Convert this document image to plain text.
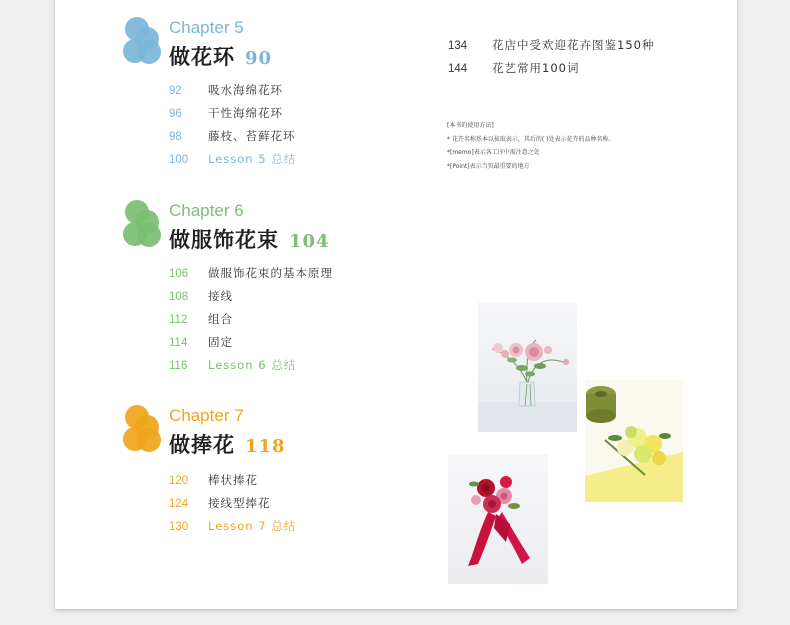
Chapter 5
做花环 90
92 吸水海绵花环
96 干性海绵花环
98 藤枝、苔藓花环
100 Lesson 5 总结
Chapter 6
做服饰花束 104
106 做服饰花束的基本原理
108 接线
112 组合
114 固定
116 Lesson 6 总结
Chapter 7
做捧花 118
120 棒状捧花
124 接线型捧花
130 Lesson 7 总结
134 花店中受欢迎花卉图鉴150种
144 花艺常用100词
[本书的使用方法]
* 花卉名称基本以拔取表示，其后的( )处表示花卉的品种名称。
*[memo]表示各工序中需注意之处
*[Point]表示当页最重要的地方
